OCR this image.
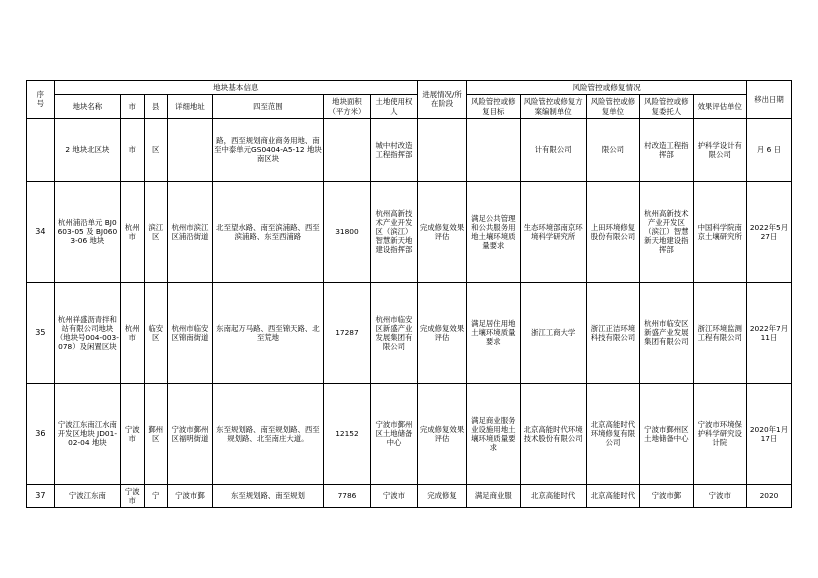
序
号	地块基本信息							进展情况/所在阶段	风险管控或修复情况					移出日期
	地块名称	市	县	详细地址	四至范围	地块面积（平方米）	土地使用权人		风险管控或修复目标	风险管控或修复方案编制单位	风险管控或修复单位	风险管控或修复委托人	效果评估单位	
	2 地块北区块	市	区		路，西至规划商业商务用地、南至中泰单元GS0404-A5-12 地块南区块		城中村改造工程指挥部			计有限公司	限公司	村改造工程指挥部	护科学设计有限公司	月 6 日
34	杭州浦沿单元 BJ0603-05 及 BJ0603-06 地块	杭州市	滨江区	杭州市滨江区浦沿街道	北至望水路、南至滨浦路、西至滨浦路、东至西浦路	31800	杭州高新技术产业开发区（滨江）智慧新天地建设指挥部	完成修复效果评估	满足公共管理和公共服务用地土壤环境质量要求	生态环境部南京环境科学研究所	上田环境修复股份有限公司	杭州高新技术产业开发区（滨江）智慧新天地建设指挥部	中国科学院南京土壤研究所	2022年5月27日
35	杭州祥盛沥青拌和站有限公司地块（地块号004-003-078）及闲置区块	杭州市	临安区	杭州市临安区锦南街道	东南起万马路、西至锦天路、北至荒地	17287	杭州市临安区新盛产业发展集团有限公司	完成修复效果评估	满足居住用地土壤环境质量要求	浙江工商大学	浙江正洁环境科技有限公司	杭州市临安区新盛产业发展集团有限公司	浙江环境监测工程有限公司	2022年7月11日
36	宁波江东南江水南开发区地块 JD01-02-04 地块	宁波市	鄞州区	宁波市鄞州区福明街道	东至规划路、南至规划路、西至规划路、北至南庄大道。	12152	宁波市鄞州区土地储备中心	完成修复效果评估	满足商业服务业设施用地土壤环境质量要求	北京高能时代环境技术股份有限公司	北京高能时代环境修复有限公司	宁波市鄞州区土地储备中心	宁波市环境保护科学研究设计院	2020年1月17日
37	宁波江东南	宁波市	宁	宁波市鄞	东至规划路、南至规划	7786	宁波市	完成修复	满足商业服	北京高能时代	北京高能时代	宁波市鄞	宁波市	2020
